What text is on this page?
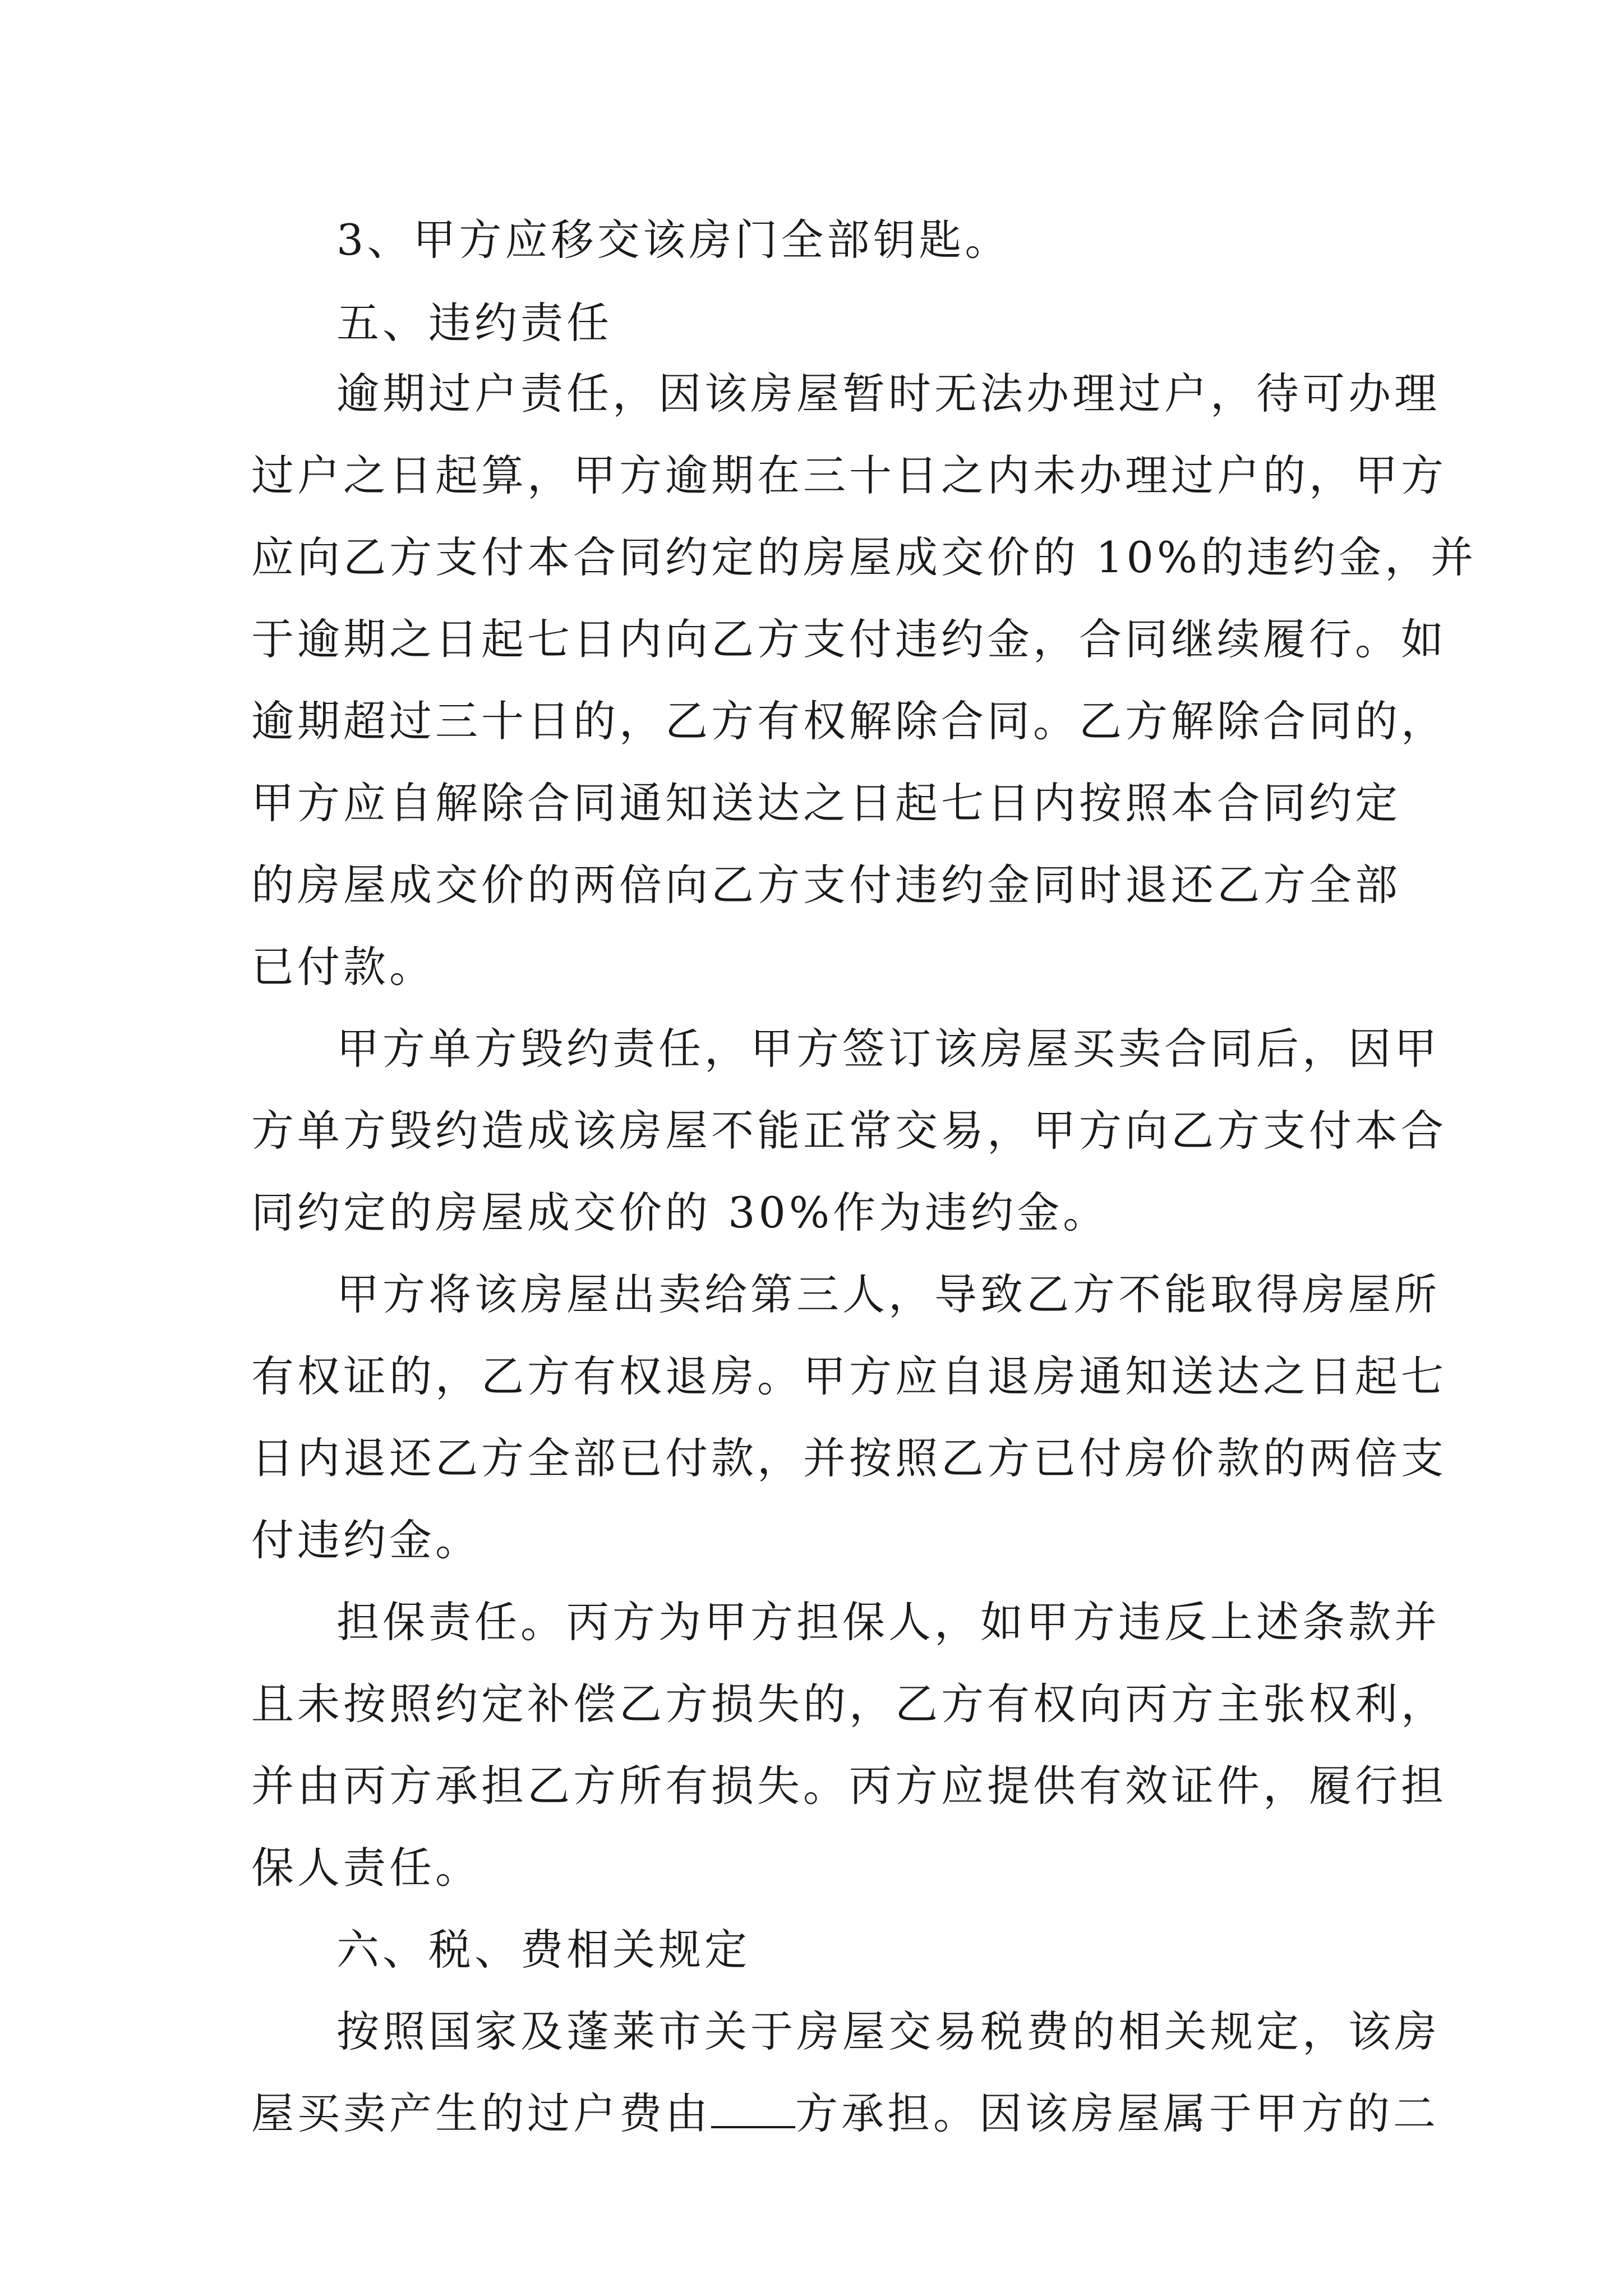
3、甲方应移交该房门全部钥匙。
五、违约责任
逾期过户责任，因该房屋暂时无法办理过户，待可办理
过户之日起算，甲方逾期在三十日之内未办理过户的，甲方
应向乙方支付本合同约定的房屋成交价的 10%的违约金，并
于逾期之日起七日内向乙方支付违约金，合同继续履行。如
逾期超过三十日的，乙方有权解除合同。乙方解除合同的，
甲方应自解除合同通知送达之日起七日内按照本合同约定
的房屋成交价的两倍向乙方支付违约金同时退还乙方全部
已付款。
甲方单方毁约责任，甲方签订该房屋买卖合同后，因甲
方单方毁约造成该房屋不能正常交易，甲方向乙方支付本合
同约定的房屋成交价的 30%作为违约金。
甲方将该房屋出卖给第三人，导致乙方不能取得房屋所
有权证的，乙方有权退房。甲方应自退房通知送达之日起七
日内退还乙方全部已付款，并按照乙方已付房价款的两倍支
付违约金。
担保责任。丙方为甲方担保人，如甲方违反上述条款并
且未按照约定补偿乙方损失的，乙方有权向丙方主张权利，
并由丙方承担乙方所有损失。丙方应提供有效证件，履行担
保人责任。
六、税、费相关规定
按照国家及蓬莱市关于房屋交易税费的相关规定，该房
屋买卖产生的过户费由 方承担。因该房屋属于甲方的二
